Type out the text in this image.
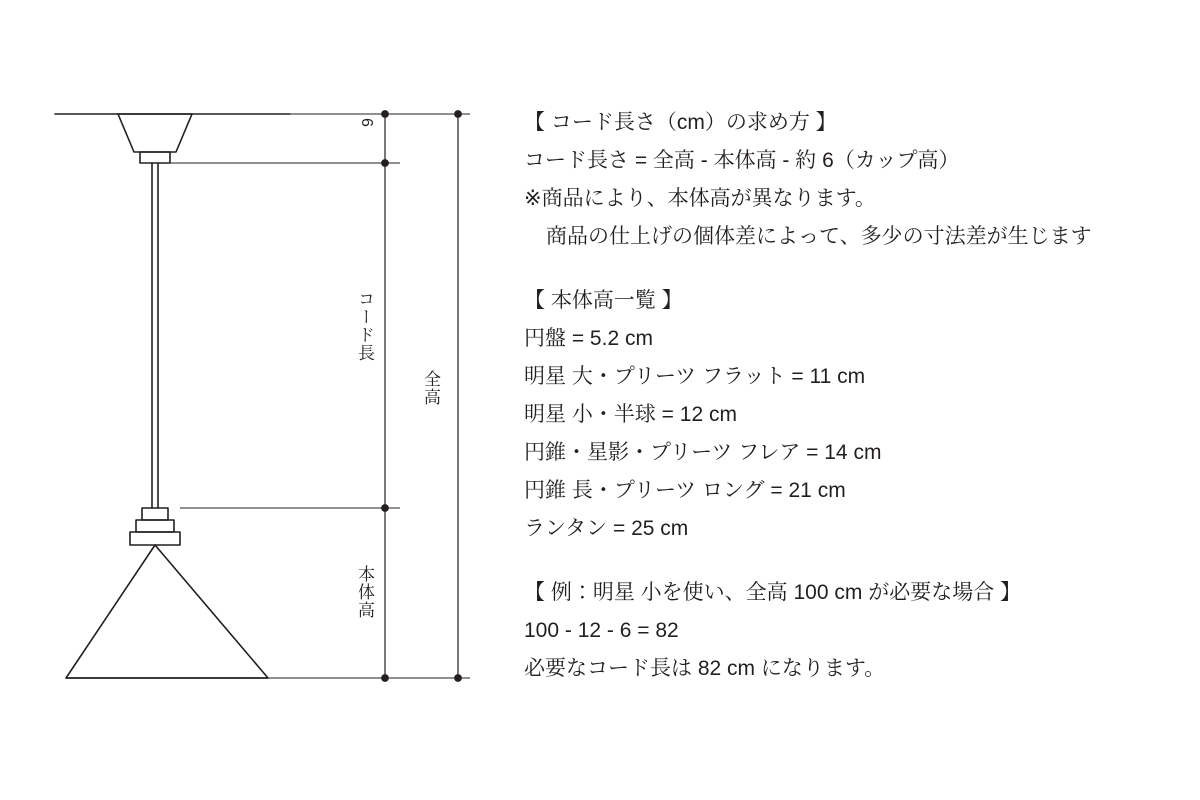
6
コード長
全高
本体高
【 コード長さ（cm）の求め方 】
コード長さ = 全高 - 本体高 - 約 6（カップ高）
※商品により、本体高が異なります。
商品の仕上げの個体差によって、多少の寸法差が生じます
【 本体高一覧 】
円盤 = 5.2 cm
明星 大・プリーツ フラット = 11 cm
明星 小・半球 = 12 cm
円錐・星影・プリーツ フレア = 14 cm
円錐 長・プリーツ ロング = 21 cm
ランタン = 25 cm
【 例：明星 小を使い、全高 100 cm が必要な場合 】
100 - 12 - 6 = 82
必要なコード長は 82 cm になります。
